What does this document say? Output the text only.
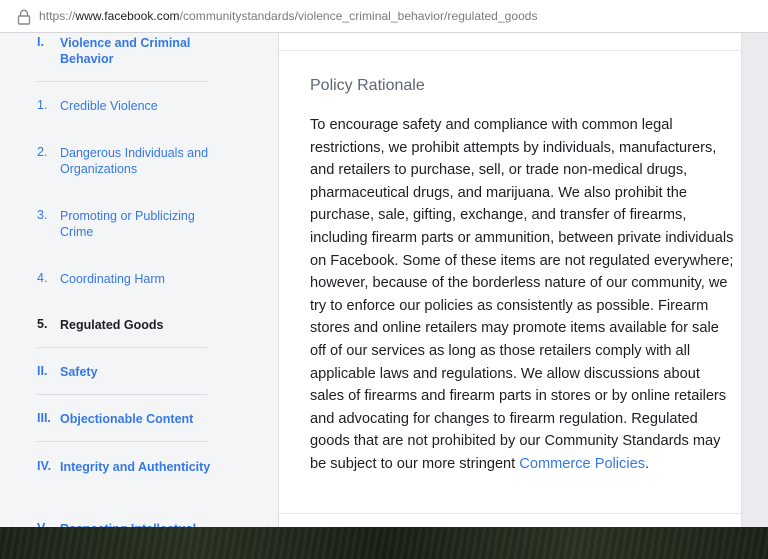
https://www.facebook.com/communitystandards/violence_criminal_behavior/regulated_goods
I. Violence and Criminal Behavior
1. Credible Violence
2. Dangerous Individuals and Organizations
3. Promoting or Publicizing Crime
4. Coordinating Harm
5. Regulated Goods
II. Safety
III. Objectionable Content
IV. Integrity and Authenticity
Policy Rationale
To encourage safety and compliance with common legal restrictions, we prohibit attempts by individuals, manufacturers, and retailers to purchase, sell, or trade non-medical drugs, pharmaceutical drugs, and marijuana. We also prohibit the purchase, sale, gifting, exchange, and transfer of firearms, including firearm parts or ammunition, between private individuals on Facebook. Some of these items are not regulated everywhere; however, because of the borderless nature of our community, we try to enforce our policies as consistently as possible. Firearm stores and online retailers may promote items available for sale off of our services as long as those retailers comply with all applicable laws and regulations. We allow discussions about sales of firearms and firearm parts in stores or by online retailers and advocating for changes to firearm regulation. Regulated goods that are not prohibited by our Community Standards may be subject to our more stringent Commerce Policies.
